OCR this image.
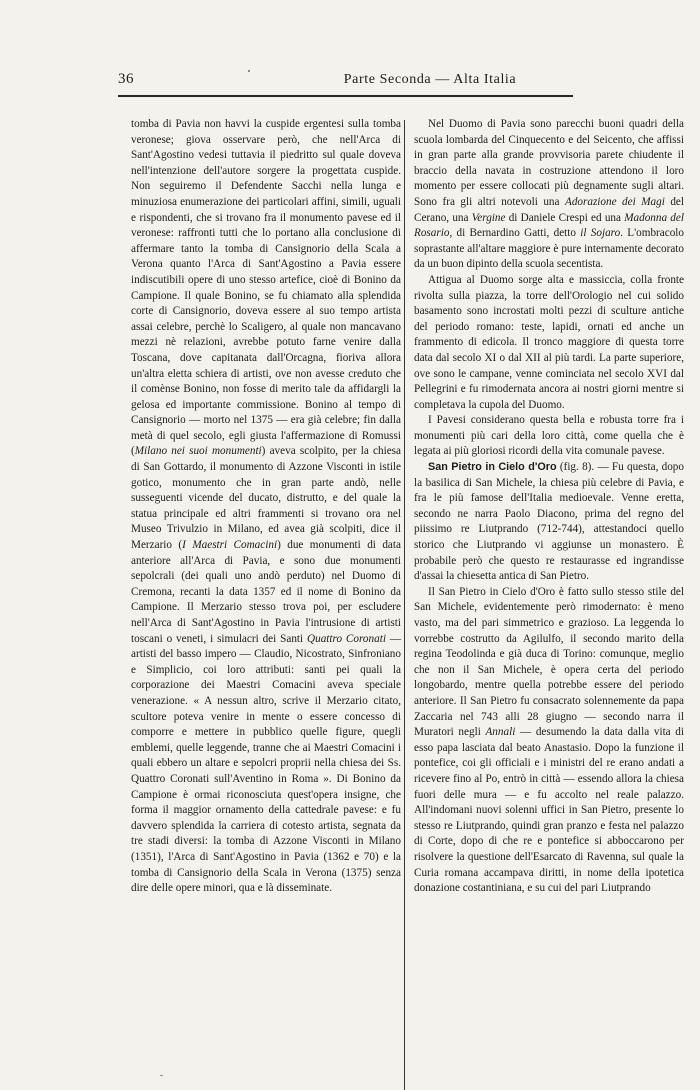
36	Parte Seconda — Alta Italia

tomba di Pavia non havvi la cuspide ergentesi sulla tomba veronese; giova osservare però, che nell'Arca di Sant'Agostino vedesi tuttavia il piedritto sul quale doveva nell'intenzione dell'autore sorgere la progettata cuspide. Non seguiremo il Defendente Sacchi nella lunga e minuziosa enumerazione dei particolari affini, simili, uguali e rispondenti, che si trovano fra il monumento pavese ed il veronese: raffronti tutti che lo portano alla conclusione di affermare tanto la tomba di Cansignorio della Scala a Verona quanto l'Arca di Sant'Agostino a Pavia essere indiscutibili opere di uno stesso artefice, cioè di Bonino da Campione. Il quale Bonino, se fu chiamato alla splendida corte di Cansignorio, doveva essere al suo tempo artista assai celebre, perchè lo Scaligero, al quale non mancavano mezzi nè relazioni, avrebbe potuto farne venire dalla Toscana, dove capitanata dall'Orcagna, fioriva allora un'altra eletta schiera di artisti, ove non avesse creduto che il comènse Bonino, non fosse di merito tale da affidargli la gelosa ed importante commissione. Bonino al tempo di Cansignorio — morto nel 1375 — era già celebre; fin dalla metà di quel secolo, egli giusta l'affermazione di Romussi (Milano nei suoi monumenti) aveva scolpito, per la chiesa di San Gottardo, il monumento di Azzone Visconti in istile gotico, monumento che in gran parte andò, nelle susseguenti vicende del ducato, distrutto, e del quale la statua principale ed altri frammenti si trovano ora nel Museo Trivulzio in Milano, ed avea già scolpiti, dice il Merzario (I Maestri Comacini) due monumenti di data anteriore all'Arca di Pavia, e sono due monumenti sepolcrali (dei quali uno andò perduto) nel Duomo di Cremona, recanti la data 1357 ed il nome di Bonino da Campione. Il Merzario stesso trova poi, per escludere nell'Arca di Sant'Agostino in Pavia l'intrusione di artisti toscani o veneti, i simulacri dei Santi Quattro Coronati — artisti del basso impero — Claudio, Nicostrato, Sinfroniano e Simplicio, coi loro attributi: santi pei quali la corporazione dei Maestri Comacini aveva speciale venerazione. « A nessun altro, scrive il Merzario citato, scultore poteva venire in mente o essere concesso di comporre e mettere in pubblico quelle figure, quegli emblemi, quelle leggende, tranne che ai Maestri Comacini i quali ebbero un altare e sepolcri proprii nella chiesa dei Ss. Quattro Coronati sull'Aventino in Roma ». Di Bonino da Campione è ormai riconosciuta quest'opera insigne, che forma il maggior ornamento della cattedrale pavese: e fu davvero splendida la carriera di cotesto artista, segnata da tre stadi diversi: la tomba di Azzone Visconti in Milano (1351), l'Arca di Sant'Agostino in Pavia (1362 e 70) e la tomba di Cansignorio della Scala in Verona (1375) senza dire delle opere minori, qua e là disseminate.

Nel Duomo di Pavia sono parecchi buoni quadri della scuola lombarda del Cinquecento e del Seicento, che affissi in gran parte alla grande provvisoria parete chiudente il braccio della navata in costruzione attendono il loro momento per essere collocati più degnamente sugli altari. Sono fra gli altri notevoli una Adorazione dei Magi del Cerano, una Vergine di Daniele Crespi ed una Madonna del Rosario, di Bernardino Gatti, detto il Sojaro. L'ombracolo soprastante all'altare maggiore è pure internamente decorato da un buon dipinto della scuola secentista.

Attigua al Duomo sorge alta e massiccia, colla fronte rivolta sulla piazza, la torre dell'Orologio nel cui solido basamento sono incrostati molti pezzi di sculture antiche del periodo romano: teste, lapidi, ornati ed anche un frammento di edicola. Il tronco maggiore di questa torre data dal secolo XI o dal XII al più tardi. La parte superiore, ove sono le campane, venne cominciata nel secolo XVI dal Pellegrini e fu rimodernata ancora ai nostri giorni mentre si completava la cupola del Duomo.

I Pavesi considerano questa bella e robusta torre fra i monumenti più cari della loro città, come quella che è legata ai più gloriosi ricordi della vita comunale pavese.

San Pietro in Cielo d'Oro (fig. 8). — Fu questa, dopo la basilica di San Michele, la chiesa più celebre di Pavia, e fra le più famose dell'Italia medioevale. Venne eretta, secondo ne narra Paolo Diacono, prima del regno del piissimo re Liutprando (712-744), attestandoci quello storico che Liutprando vi aggiunse un monastero. È probabile però che questo re restaurasse ed ingrandisse d'assai la chiesetta antica di San Pietro.

Il San Pietro in Cielo d'Oro è fatto sullo stesso stile del San Michele, evidentemente però rimodernato: è meno vasto, ma del pari simmetrico e grazioso. La leggenda lo vorrebbe costrutto da Agilulfo, il secondo marito della regina Teodolinda e già duca di Torino: comunque, meglio che non il San Michele, è opera certa del periodo longobardo, mentre quella potrebbe essere del periodo anteriore. Il San Pietro fu consacrato solennemente da papa Zaccaria nel 743 alli 28 giugno — secondo narra il Muratori negli Annali — desumendo la data dalla vita di esso papa lasciata dal beato Anastasio. Dopo la funzione il pontefice, coi gli officiali e i ministri del re erano andati a ricevere fino al Po, entrò in città — essendo allora la chiesa fuori delle mura — e fu accolto nel reale palazzo. All'indomani nuovi solenni uffici in San Pietro, presente lo stesso re Liutprando, quindi gran pranzo e festa nel palazzo di Corte, dopo di che re e pontefice si abboccarono per risolvere la questione dell'Esarcato di Ravenna, sul quale la Curia romana accampava diritti, in nome della ipotetica donazione costantiniana, e su cui del pari Liutprando
